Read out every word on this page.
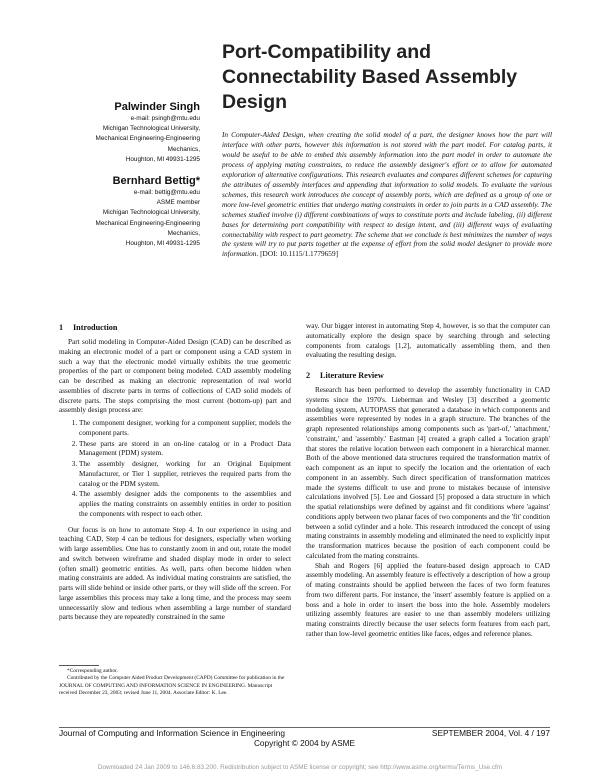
Port-Compatibility and Connectability Based Assembly Design
Palwinder Singh
e-mail: psingh@mtu.edu
Michigan Technological University,
Mechanical Engineering-Engineering
Mechanics,
Houghton, MI 49931-1295
Bernhard Bettig*
e-mail: bettig@mtu.edu
ASME member
Michigan Technological University,
Mechanical Engineering-Engineering
Mechanics,
Houghton, MI 49931-1295

In Computer-Aided Design, when creating the solid model of a part, the designer knows how the part will interface with other parts, however this information is not stored with the part model. For catalog parts, it would be useful to be able to embed this assembly information into the part model in order to automate the process of applying mating constraints, to reduce the assembly designer's effort or to allow for automated exploration of alternative configurations. This research evaluates and compares different schemes for capturing the attributes of assembly interfaces and appending that information to solid models. To evaluate the various schemes, this research work introduces the concept of assembly ports, which are defined as a group of one or more low-level geometric entities that undergo mating constraints in order to join parts in a CAD assembly. The schemes studied involve (i) different combinations of ways to constitute ports and include labeling, (ii) different bases for determining port compatibility with respect to design intent, and (iii) different ways of evaluating connectability with respect to part geometry. The scheme that we conclude is best minimizes the number of ways the system will try to put parts together at the expense of effort from the solid model designer to provide more information. [DOI: 10.1115/1.1779659]

1 Introduction

Part solid modeling in Computer-Aided Design (CAD) can be described as making an electronic model of a part or component using a CAD system in such a way that the electronic model virtually exhibits the true geometric properties of the part or component being modeled. CAD assembly modeling can be described as making an electronic representation of real world assemblies of discrete parts in terms of collections of CAD solid models of discrete parts. The steps comprising the most current (bottom-up) part and assembly design process are:

1. The component designer, working for a component supplier, models the component parts.
2. These parts are stored in an on-line catalog or in a Product Data Management (PDM) system.
3. The assembly designer, working for an Original Equipment Manufacturer, or Tier 1 supplier, retrieves the required parts from the catalog or the PDM system.
4. The assembly designer adds the components to the assemblies and applies the mating constraints on assembly entities in order to position the components with respect to each other.

Our focus is on how to automate Step 4. In our experience in using and teaching CAD, Step 4 can be tedious for designers, especially when working with large assemblies. One has to constantly zoom in and out, rotate the model and switch between wireframe and shaded display mode in order to select (often small) geometric entities. As well, parts often become hidden when mating constraints are added. As individual mating constraints are satisfied, the parts will slide behind or inside other parts, or they will slide off the screen. For large assemblies this process may take a long time, and the process may seem unnecessarily slow and tedious when assembling a large number of standard parts because they are repeatedly constrained in the same

way. Our bigger interest in automating Step 4, however, is so that the computer can automatically explore the design space by searching through and selecting components from catalogs [1,2], automatically assembling them, and then evaluating the resulting design.

2 Literature Review

Research has been performed to develop the assembly functionality in CAD systems since the 1970's. Lieberman and Wesley [3] described a geometric modeling system, AUTOPASS that generated a database in which components and assemblies were represented by nodes in a graph structure. The branches of the graph represented relationships among components such as 'part-of,' 'attachment,' 'constraint,' and 'assembly.' Eastman [4] created a graph called a 'location graph' that stores the relative location between each component in a hierarchical manner. Both of the above mentioned data structures required the transformation matrix of each component as an input to specify the location and the orientation of each component in an assembly. Such direct specification of transformation matrices made the systems difficult to use and prone to mistakes because of intensive calculations involved [5]. Lee and Gossard [5] proposed a data structure in which the spatial relationships were defined by against and fit conditions where 'against' conditions apply between two planar faces of two components and the 'fit' condition between a solid cylinder and a hole. This research introduced the concept of using mating constraints in assembly modeling and eliminated the need to explicitly input the transformation matrices because the position of each component could be calculated from the mating constraints.

Shah and Rogers [6] applied the feature-based design approach to CAD assembly modeling. An assembly feature is effectively a description of how a group of mating constraints should be applied between the faces of two form features from two different parts. For instance, the 'insert' assembly feature is applied on a boss and a hole in order to insert the boss into the hole. Assembly modelers utilizing assembly features are easier to use than assembly modelers utilizing mating constraints directly because the user selects form features from each part, rather than low-level geometric entities like faces, edges and reference planes.

*Corresponding author.
Contributed by the Computer Aided Product Development (CAPD) Committee for publication in the JOURNAL OF COMPUTING AND INFORMATION SCIENCE IN ENGINEERING. Manuscript received December 23, 2003; revised June 11, 2004. Associate Editor: K. Lee.
Journal of Computing and Information Science in Engineering	SEPTEMBER 2004, Vol. 4 / 197
Copyright © 2004 by ASME
Downloaded 24 Jan 2009 to 146.6.83.200. Redistribution subject to ASME license or copyright; see http://www.asme.org/terms/Terms_Use.cfm
